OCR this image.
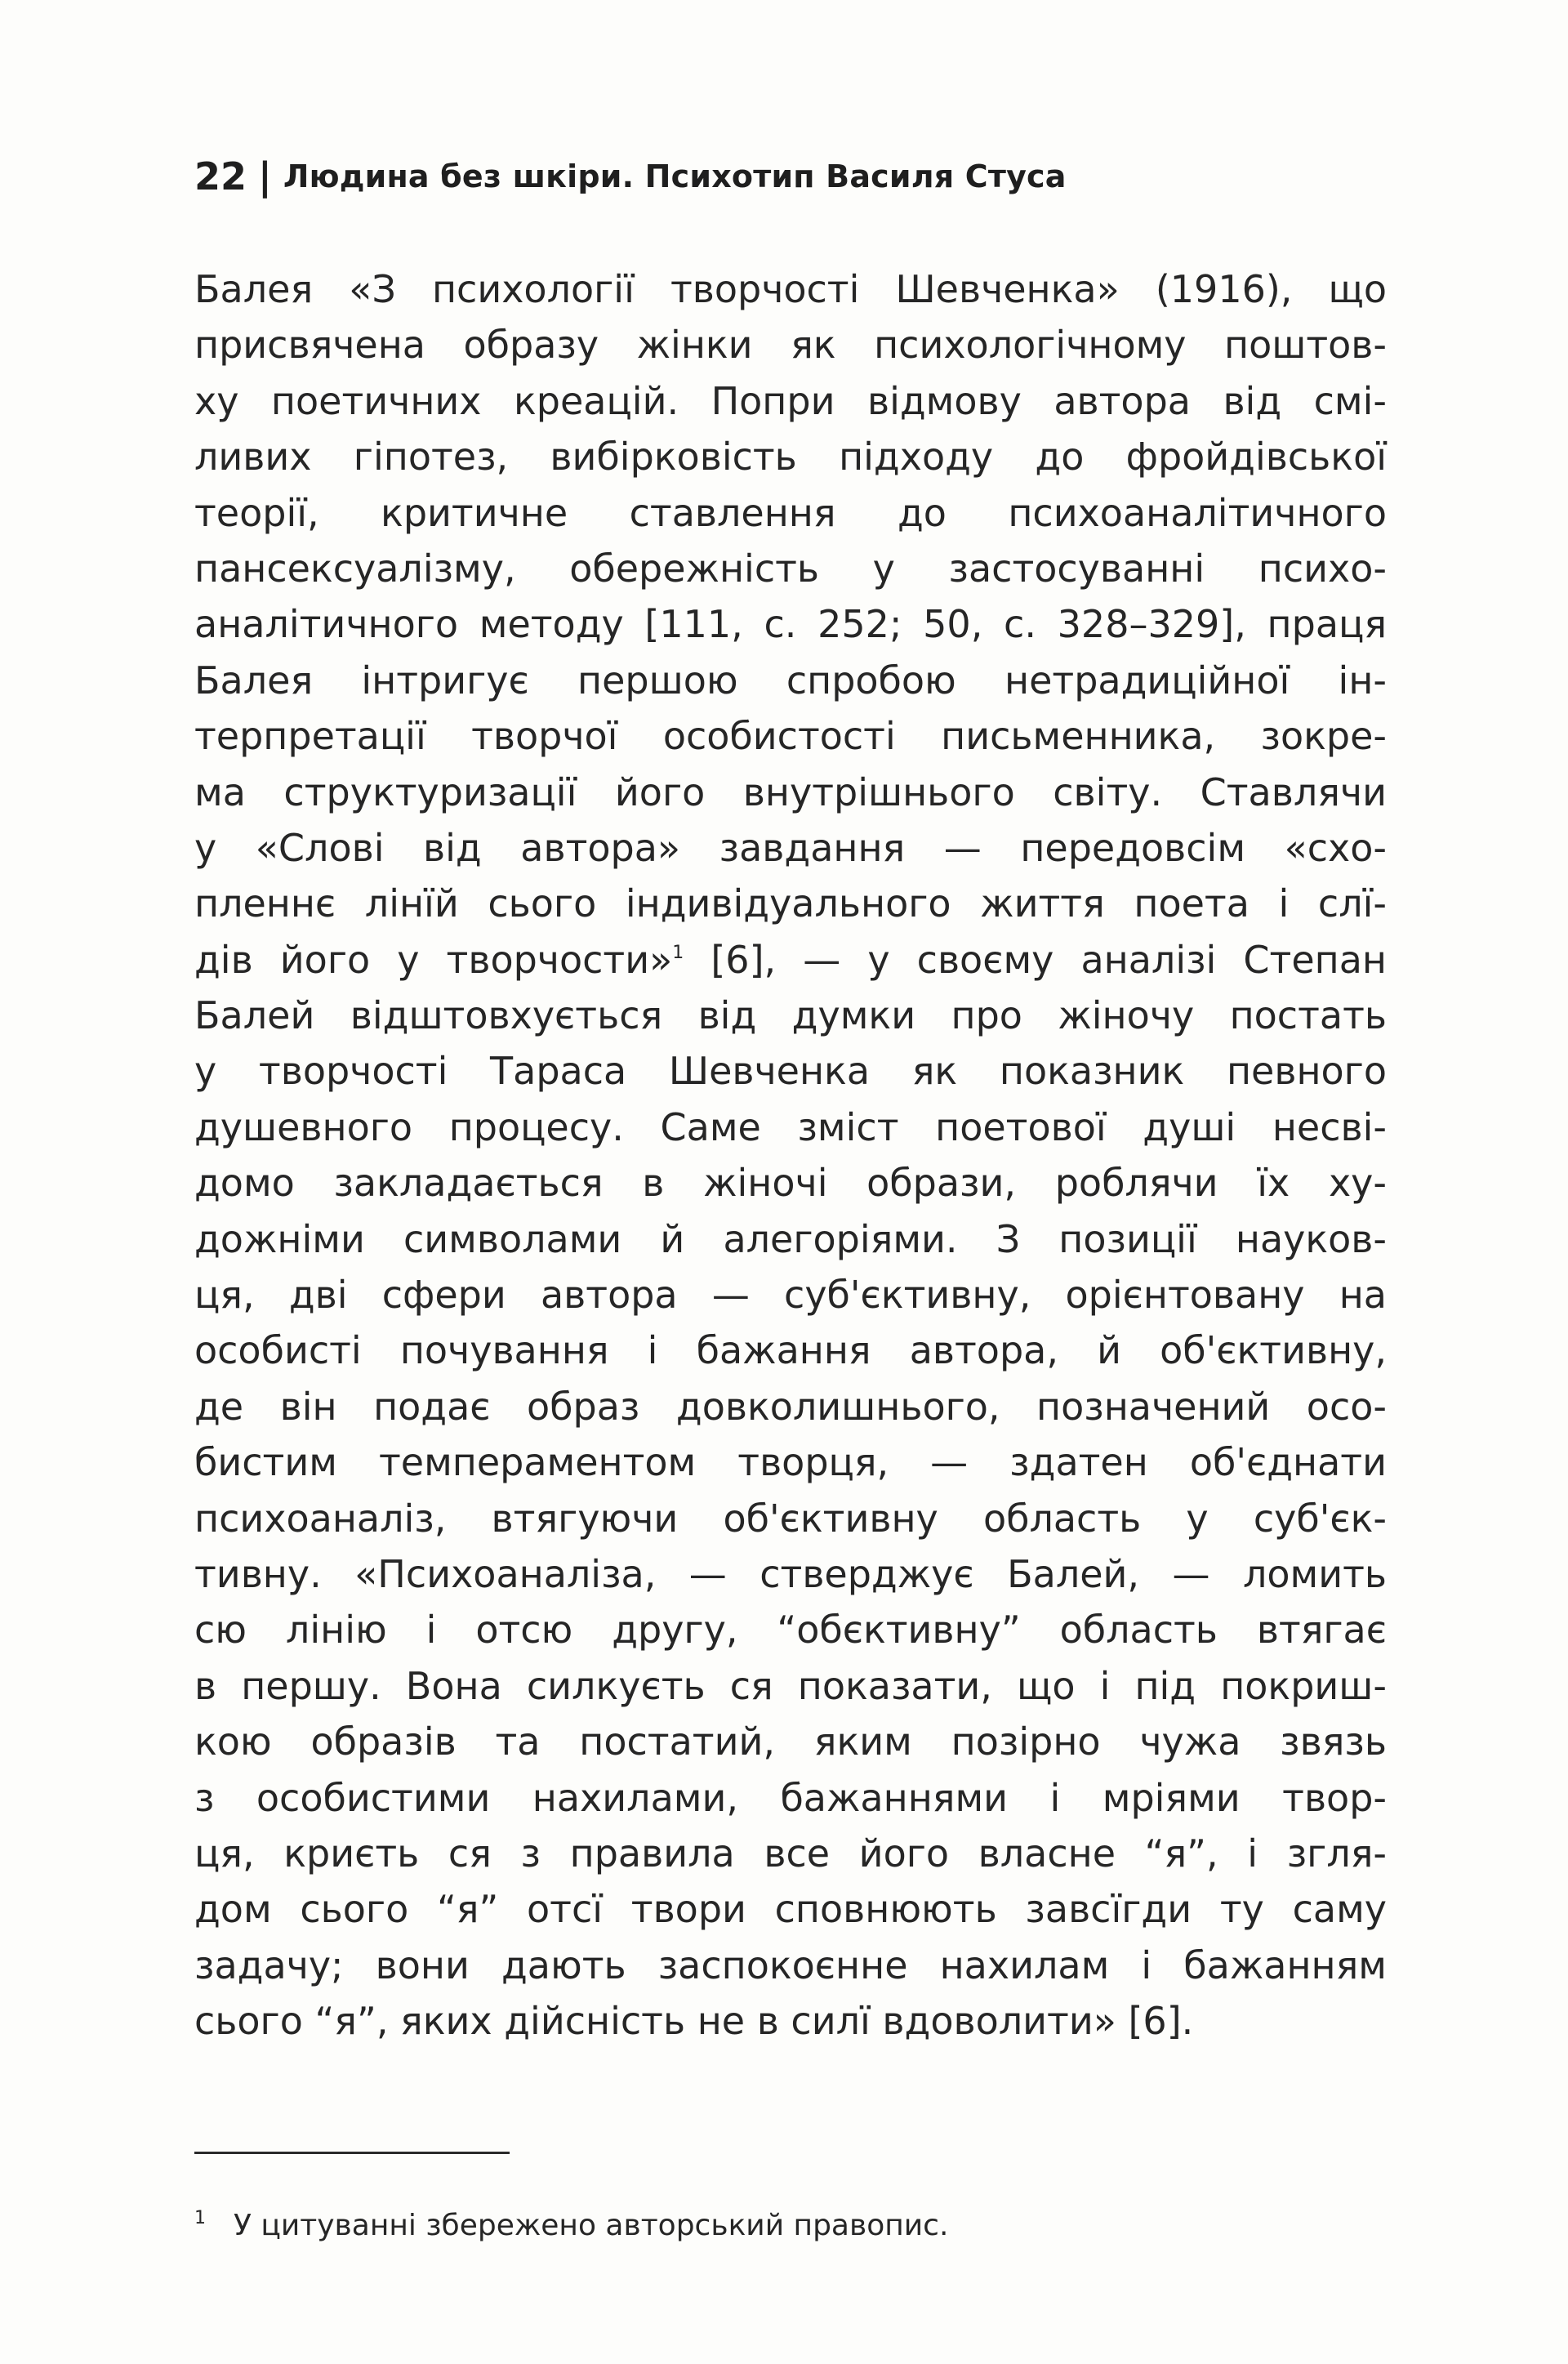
22 | Людина без шкіри. Психотип Василя Стуса
Балея «З психології творчості Шевченка» (1916), що
присвячена образу жінки як психологічному поштов-
ху поетичних креацій. Попри відмову автора від смі-
ливих гіпотез, вибірковість підходу до фройдівської
теорії, критичне ставлення до психоаналітичного
пансексуалізму, обережність у застосуванні психо-
аналітичного методу [111, с. 252; 50, с. 328–329], праця
Балея інтригує першою спробою нетрадиційної ін-
терпретації творчої особистості письменника, зокре-
ма структуризації його внутрішнього світу. Ставлячи
у «Слові від автора» завдання — передовсім «схо-
пленнє лінїй сього індивідуального життя поета і слї-
дів його у творчости»$^1$ [6], — у своєму аналізі Степан
Балей відштовхується від думки про жіночу постать
у творчості Тараса Шевченка як показник певного
душевного процесу. Саме зміст поетової душі несві-
домо закладається в жіночі образи, роблячи їх ху-
дожніми символами й алегоріями. З позиції науков-
ця, дві сфери автора — суб'єктивну, орієнтовану на
особисті почування і бажання автора, й об'єктивну,
де він подає образ довколишнього, позначений осо-
бистим темпераментом творця, — здатен об'єднати
психоаналіз, втягуючи об'єктивну область у суб'єк-
тивну. «Психоаналіза, — стверджує Балей, — ломить
сю лінію і отсю другу, “обєктивну” область втягає
в першу. Вона силкуєть ся показати, що і під покриш-
кою образів та постатий, яким позірно чужа звязь
з особистими нахилами, бажаннями і мріями твор-
ця, криєть ся з правила все його власне “я”, і згля-
дом сього “я” отсї твори сповнюють завсїгди ту саму
задачу; вони дають заспокоєнне нахилам і бажанням
сього “я”, яких дійсність не в силї вдоволити» [6].
1 У цитуванні збережено авторський правопис.
